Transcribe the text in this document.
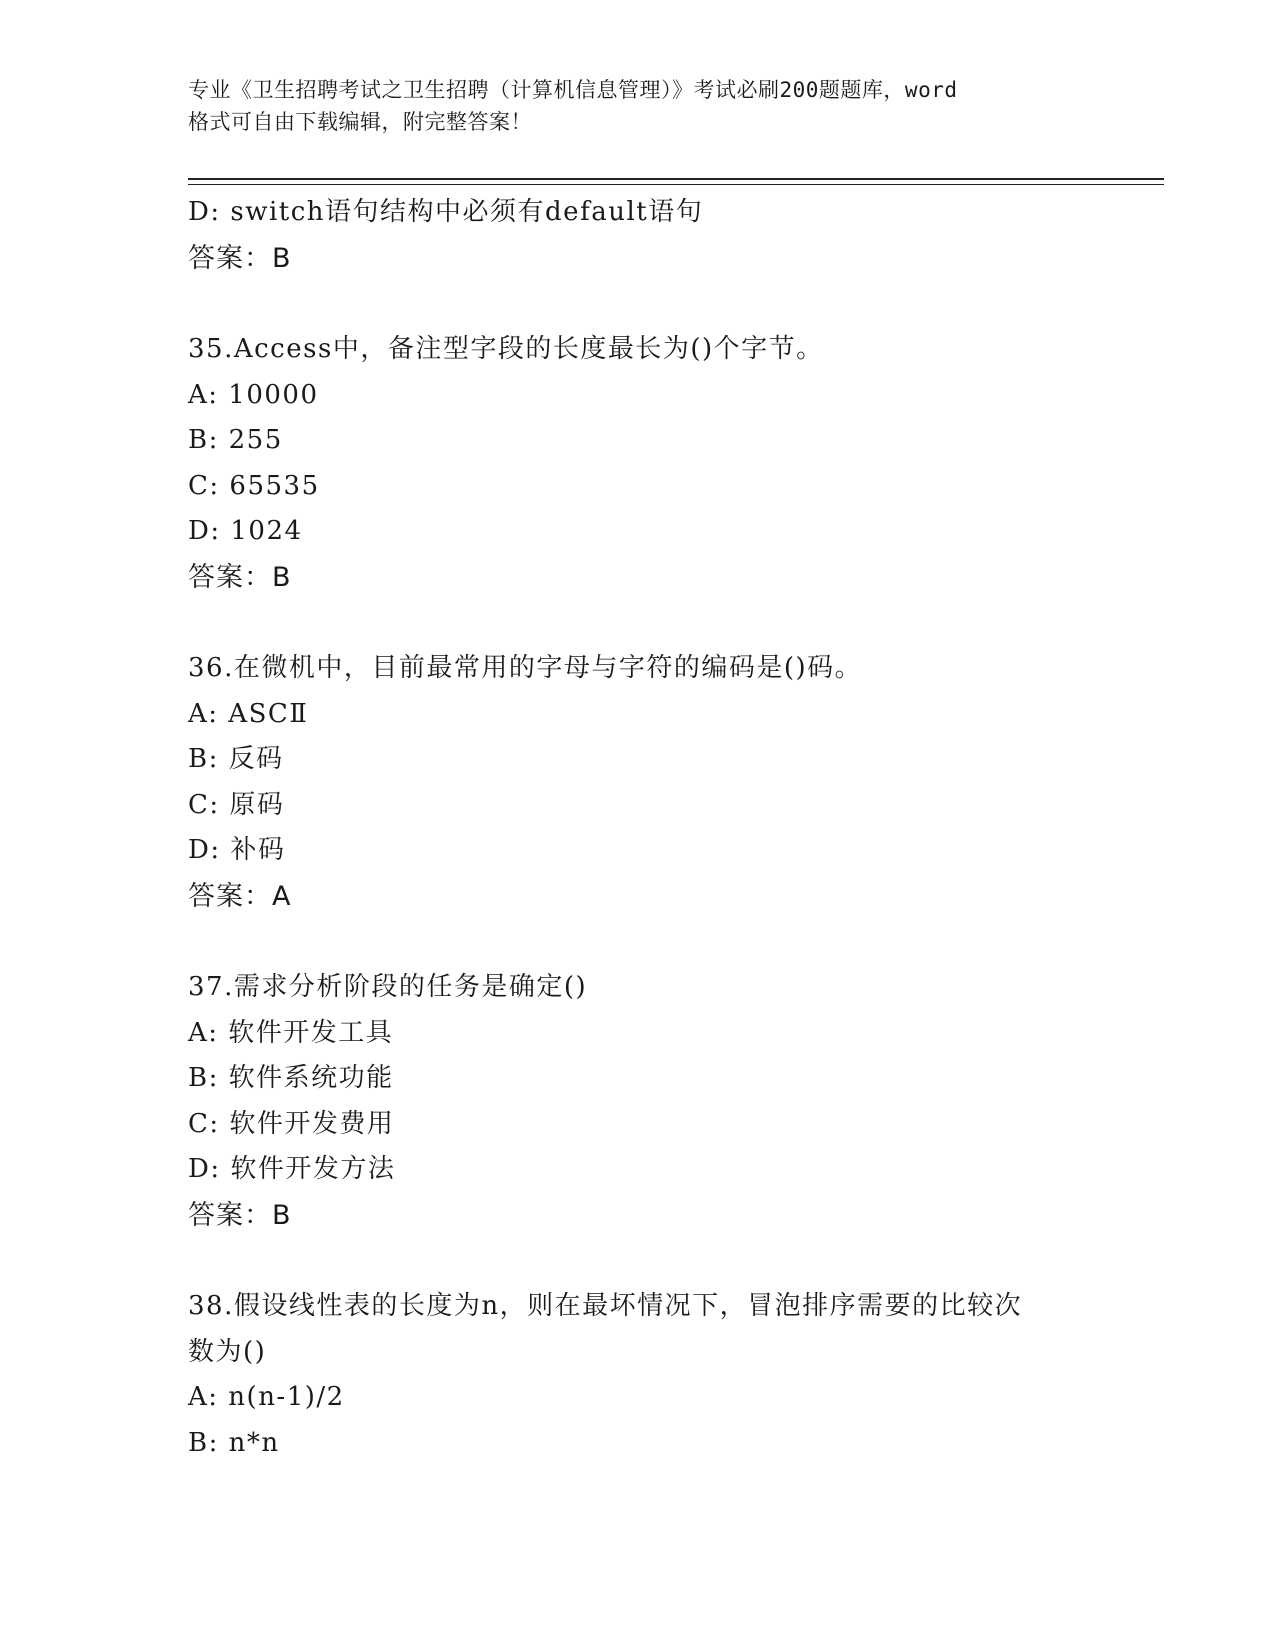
专业《卫生招聘考试之卫生招聘（计算机信息管理）》考试必刷200题题库，word
格式可自由下载编辑，附完整答案！
D: switch语句结构中必须有default语句
答案：B
35.Access中，备注型字段的长度最长为()个字节。
A: 10000
B: 255
C: 65535
D: 1024
答案：B
36.在微机中，目前最常用的字母与字符的编码是()码。
A: ASCⅡ
B: 反码
C: 原码
D: 补码
答案：A
37.需求分析阶段的任务是确定()
A: 软件开发工具
B: 软件系统功能
C: 软件开发费用
D: 软件开发方法
答案：B
38.假设线性表的长度为n，则在最坏情况下，冒泡排序需要的比较次
数为()
A: n(n-1)/2
B: n*n
